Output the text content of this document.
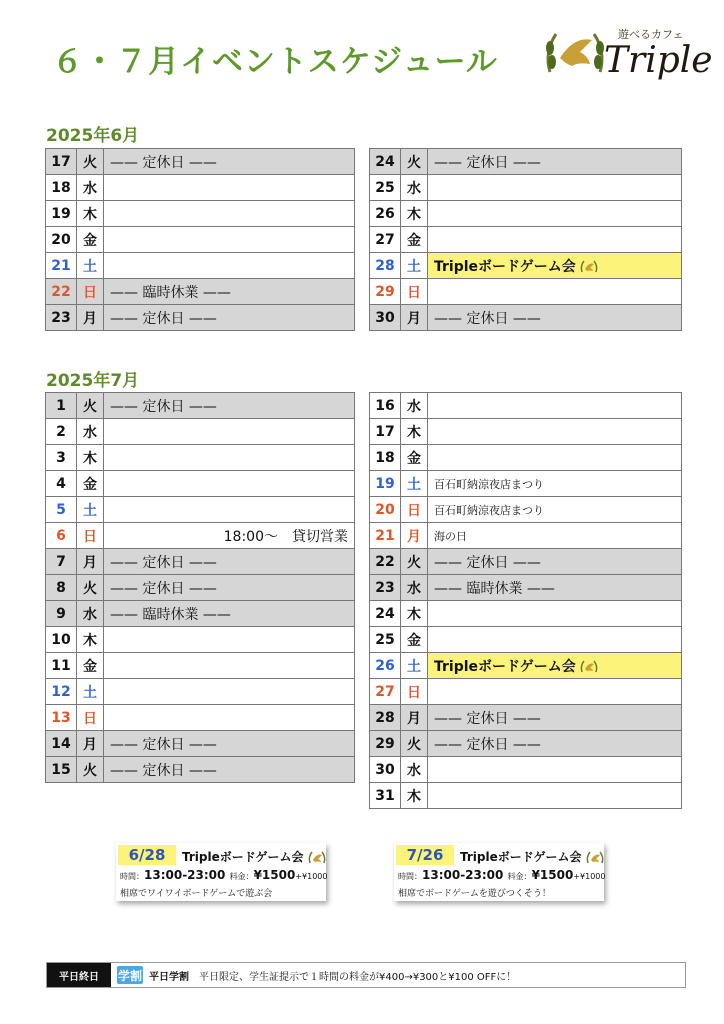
６・７月イベントスケジュール
遊べるカフェ
Triple
2025年6月
17	火	—— 定休日 ——
18	水	
19	木	
20	金	
21	土	
22	日	—— 臨時休業 ——
23	月	—— 定休日 ——
24	火	—— 定休日 ——
25	水	
26	木	
27	金	
28	土	Tripleボードゲーム会
29	日	
30	月	—— 定休日 ——
2025年7月
1	火	—— 定休日 ——
2	水	
3	木	
4	金	
5	土	
6	日	18:00〜　貸切営業
7	月	—— 定休日 ——
8	火	—— 定休日 ——
9	水	—— 臨時休業 ——
10	木	
11	金	
12	土	
13	日	
14	月	—— 定休日 ——
15	火	—— 定休日 ——
16	水	
17	木	
18	金	
19	土	百石町納涼夜店まつり
20	日	百石町納涼夜店まつり
21	月	海の日
22	火	—— 定休日 ——
23	水	—— 臨時休業 ——
24	木	
25	金	
26	土	Tripleボードゲーム会
27	日	
28	月	—— 定休日 ——
29	火	—— 定休日 ——
30	水	
31	木	
6/28	Tripleボードゲーム会
時間：13:00-23:00 料金：¥1500+¥1000
相席でワイワイボードゲームで遊ぶ会
7/26	Tripleボードゲーム会
時間：13:00-23:00 料金：¥1500+¥1000
相席でボードゲームを遊びつくそう！
平日終日	学割 平日学割 平日限定、学生証提示で１時間の料金が¥400→¥300と¥100 OFFに！
